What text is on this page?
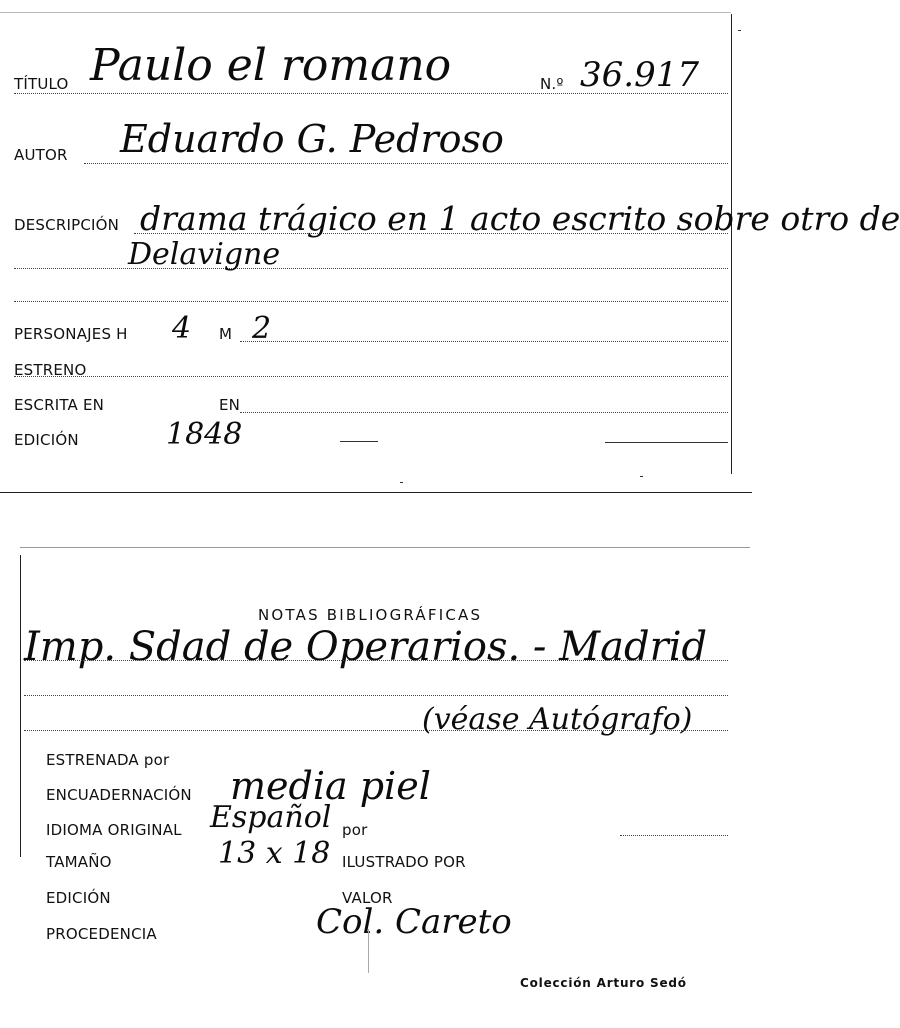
TÍTULO Paulo el romano	N.º 36.917
AUTOR Eduardo G. Pedroso
DESCRIPCIÓN drama trágico en 1 acto escrito sobre otro de
Delavigne
PERSONAJES H 4 M 2
ESTRENO
ESCRITA EN	EN
EDICIÓN	1848
NOTAS BIBLIOGRÁFICAS
Imp. Sdad de Operarios. - Madrid
(véase Autógrafo)
ESTRENADA por
ENCUADERNACIÓN media piel
IDIOMA ORIGINAL Español por
TAMAÑO	13 x 18 ILUSTRADO POR
EDICIÓN	VALOR
PROCEDENCIA	Col. Careto
Colección Arturo Sedó
